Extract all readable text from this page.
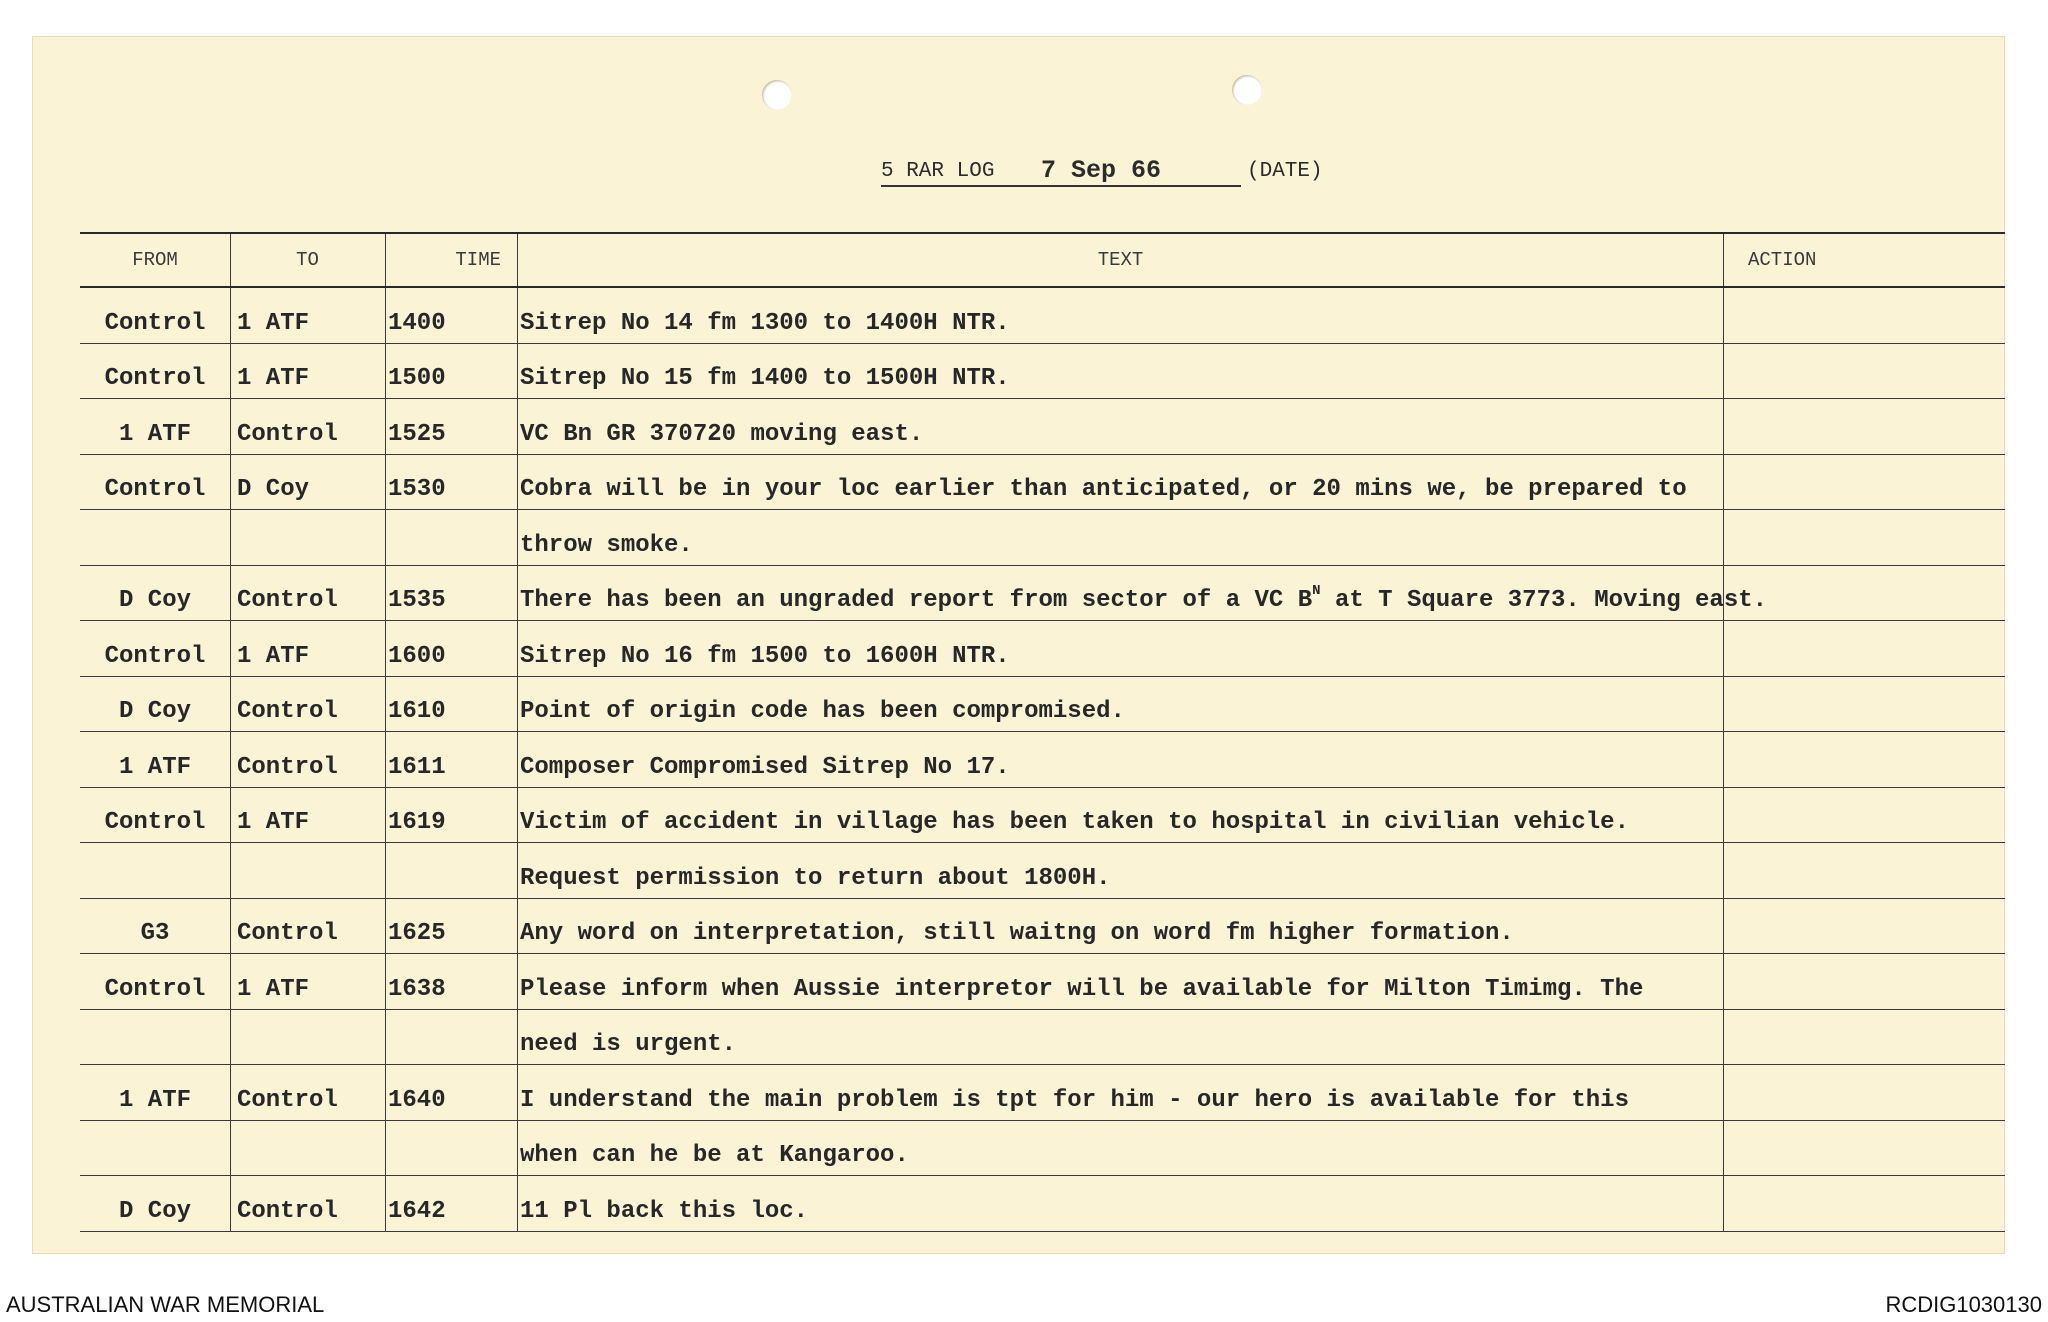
5 RAR LOG 7 Sep 66	(DATE)
FROM	TO	TIME	TEXT	ACTION
Control	1 ATF	1400	Sitrep No 14 fm 1300 to 1400H NTR.	
Control	1 ATF	1500	Sitrep No 15 fm 1400 to 1500H NTR.	
1 ATF	Control	1525	VC Bn GR 370720 moving east.	
Control	D Coy	1530	Cobra will be in your loc earlier than anticipated, or 20 mins we, be prepared to	
			throw smoke.	
D Coy	Control	1535	There has been an ungraded report from sector of a VC $B^N$ at T Square 3773. Moving east.	
Control	1 ATF	1600	Sitrep No 16 fm 1500 to 1600H NTR.	
D Coy	Control	1610	Point of origin code has been compromised.	
1 ATF	Control	1611	Composer Compromised Sitrep No 17.	
Control	1 ATF	1619	Victim of accident in village has been taken to hospital in civilian vehicle.	
			Request permission to return about 1800H.	
G3	Control	1625	Any word on interpretation, still waitng on word fm higher formation.	
Control	1 ATF	1638	Please inform when Aussie interpretor will be available for Milton Timimg. The	
			need is urgent.	
1 ATF	Control	1640	I understand the main problem is tpt for him - our hero is available for this	
			when can he be at Kangaroo.	
D Coy	Control	1642	11 Pl back this loc.	
AUSTRALIAN WAR MEMORIAL	RCDIG1030130
